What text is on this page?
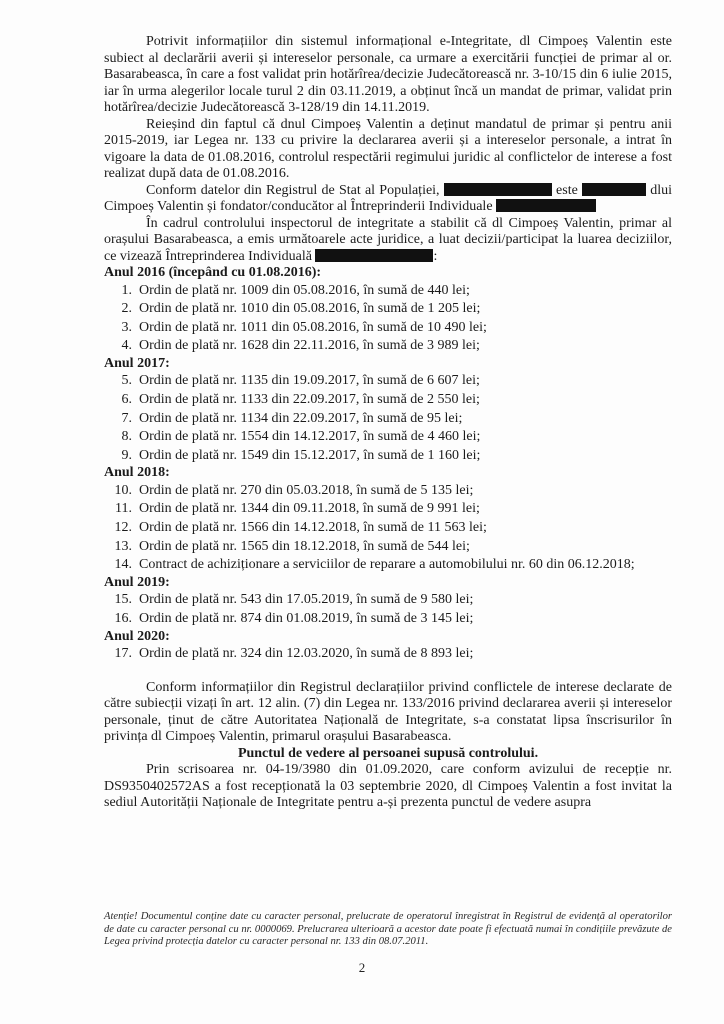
Potrivit informațiilor din sistemul informațional e-Integritate, dl Cimpoeș Valentin este subiect al declarării averii și intereselor personale, ca urmare a exercitării funcției de primar al or. Basarabeasca, în care a fost validat prin hotărîrea/decizie Judecătorească nr. 3-10/15 din 6 iulie 2015, iar în urma alegerilor locale turul 2 din 03.11.2019, a obținut încă un mandat de primar, validat prin hotărîrea/decizie Judecătorească 3-128/19 din 14.11.2019.

Reieșind din faptul că dnul Cimpoeș Valentin a deținut mandatul de primar și pentru anii 2015-2019, iar Legea nr. 133 cu privire la declararea averii și a intereselor personale, a intrat în vigoare la data de 01.08.2016, controlul respectării regimului juridic al conflictelor de interese a fost realizat după data de 01.08.2016.

Conform datelor din Registrul de Stat al Populației,	este	dlui Cimpoeș Valentin și fondator/conducător al Întreprinderii Individuale

În cadrul controlului inspectorul de integritate a stabilit că dl Cimpoeș Valentin, primar al orașului Basarabeasca, a emis următoarele acte juridice, a luat decizii/participat la luarea deciziilor, ce vizează Întreprinderea Individuală	:

Anul 2016 (începând cu 01.08.2016):

1. Ordin de plată nr. 1009 din 05.08.2016, în sumă de 440 lei;
2. Ordin de plată nr. 1010 din 05.08.2016, în sumă de 1 205 lei;
3. Ordin de plată nr. 1011 din 05.08.2016, în sumă de 10 490 lei;
4. Ordin de plată nr. 1628 din 22.11.2016, în sumă de 3 989 lei;

Anul 2017:

5. Ordin de plată nr. 1135 din 19.09.2017, în sumă de 6 607 lei;
6. Ordin de plată nr. 1133 din 22.09.2017, în sumă de 2 550 lei;
7. Ordin de plată nr. 1134 din 22.09.2017, în sumă de 95 lei;
8. Ordin de plată nr. 1554 din 14.12.2017, în sumă de 4 460 lei;
9. Ordin de plată nr. 1549 din 15.12.2017, în sumă de 1 160 lei;

Anul 2018:

10. Ordin de plată nr. 270 din 05.03.2018, în sumă de 5 135 lei;
11. Ordin de plată nr. 1344 din 09.11.2018, în sumă de 9 991 lei;
12. Ordin de plată nr. 1566 din 14.12.2018, în sumă de 11 563 lei;
13. Ordin de plată nr. 1565 din 18.12.2018, în sumă de 544 lei;
14. Contract de achiziționare a serviciilor de reparare a automobilului nr. 60 din 06.12.2018;

Anul 2019:

15. Ordin de plată nr. 543 din 17.05.2019, în sumă de 9 580 lei;
16. Ordin de plată nr. 874 din 01.08.2019, în sumă de 3 145 lei;

Anul 2020:

17. Ordin de plată nr. 324 din 12.03.2020, în sumă de 8 893 lei;

Conform informațiilor din Registrul declarațiilor privind conflictele de interese declarate de către subiecții vizați în art. 12 alin. (7) din Legea nr. 133/2016 privind declararea averii și intereselor personale, ținut de către Autoritatea Națională de Integritate, s-a constatat lipsa înscrisurilor în privința dl Cimpoeș Valentin, primarul orașului Basarabeasca.

Punctul de vedere al persoanei supusă controlului.

Prin scrisoarea nr. 04-19/3980 din 01.09.2020, care conform avizului de recepție nr. DS9350402572AS a fost recepționată la 03 septembrie 2020, dl Cimpoeș Valentin a fost invitat la sediul Autorității Naționale de Integritate pentru a-și prezenta punctul de vedere asupra

Atenție! Documentul conține date cu caracter personal, prelucrate de operatorul înregistrat în Registrul de evidență al operatorilor de date cu caracter personal cu nr. 0000069. Prelucrarea ulterioară a acestor date poate fi efectuată numai în condițiile prevăzute de Legea privind protecția datelor cu caracter personal nr. 133 din 08.07.2011.
2
